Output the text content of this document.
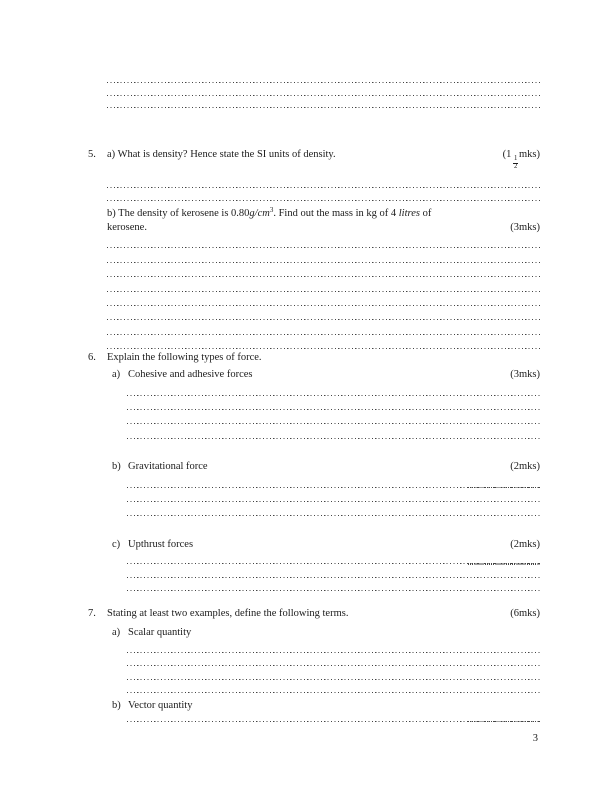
5.	a) What is density? Hence state the SI units of density.	(1
$\frac{1}{2}$
mks)
b) The density of kerosene is $0.80g/cm^3$. Find out the mass in kg of 4 litres of
kerosene.	(3mks)
6.	Explain the following types of force.
a) Cohesive and adhesive forces	(3mks)
b) Gravitational force	(2mks)
c) Upthrust forces	(2mks)
7.	Stating at least two examples, define the following terms.	(6mks)
a) Scalar quantity
b) Vector quantity
3
